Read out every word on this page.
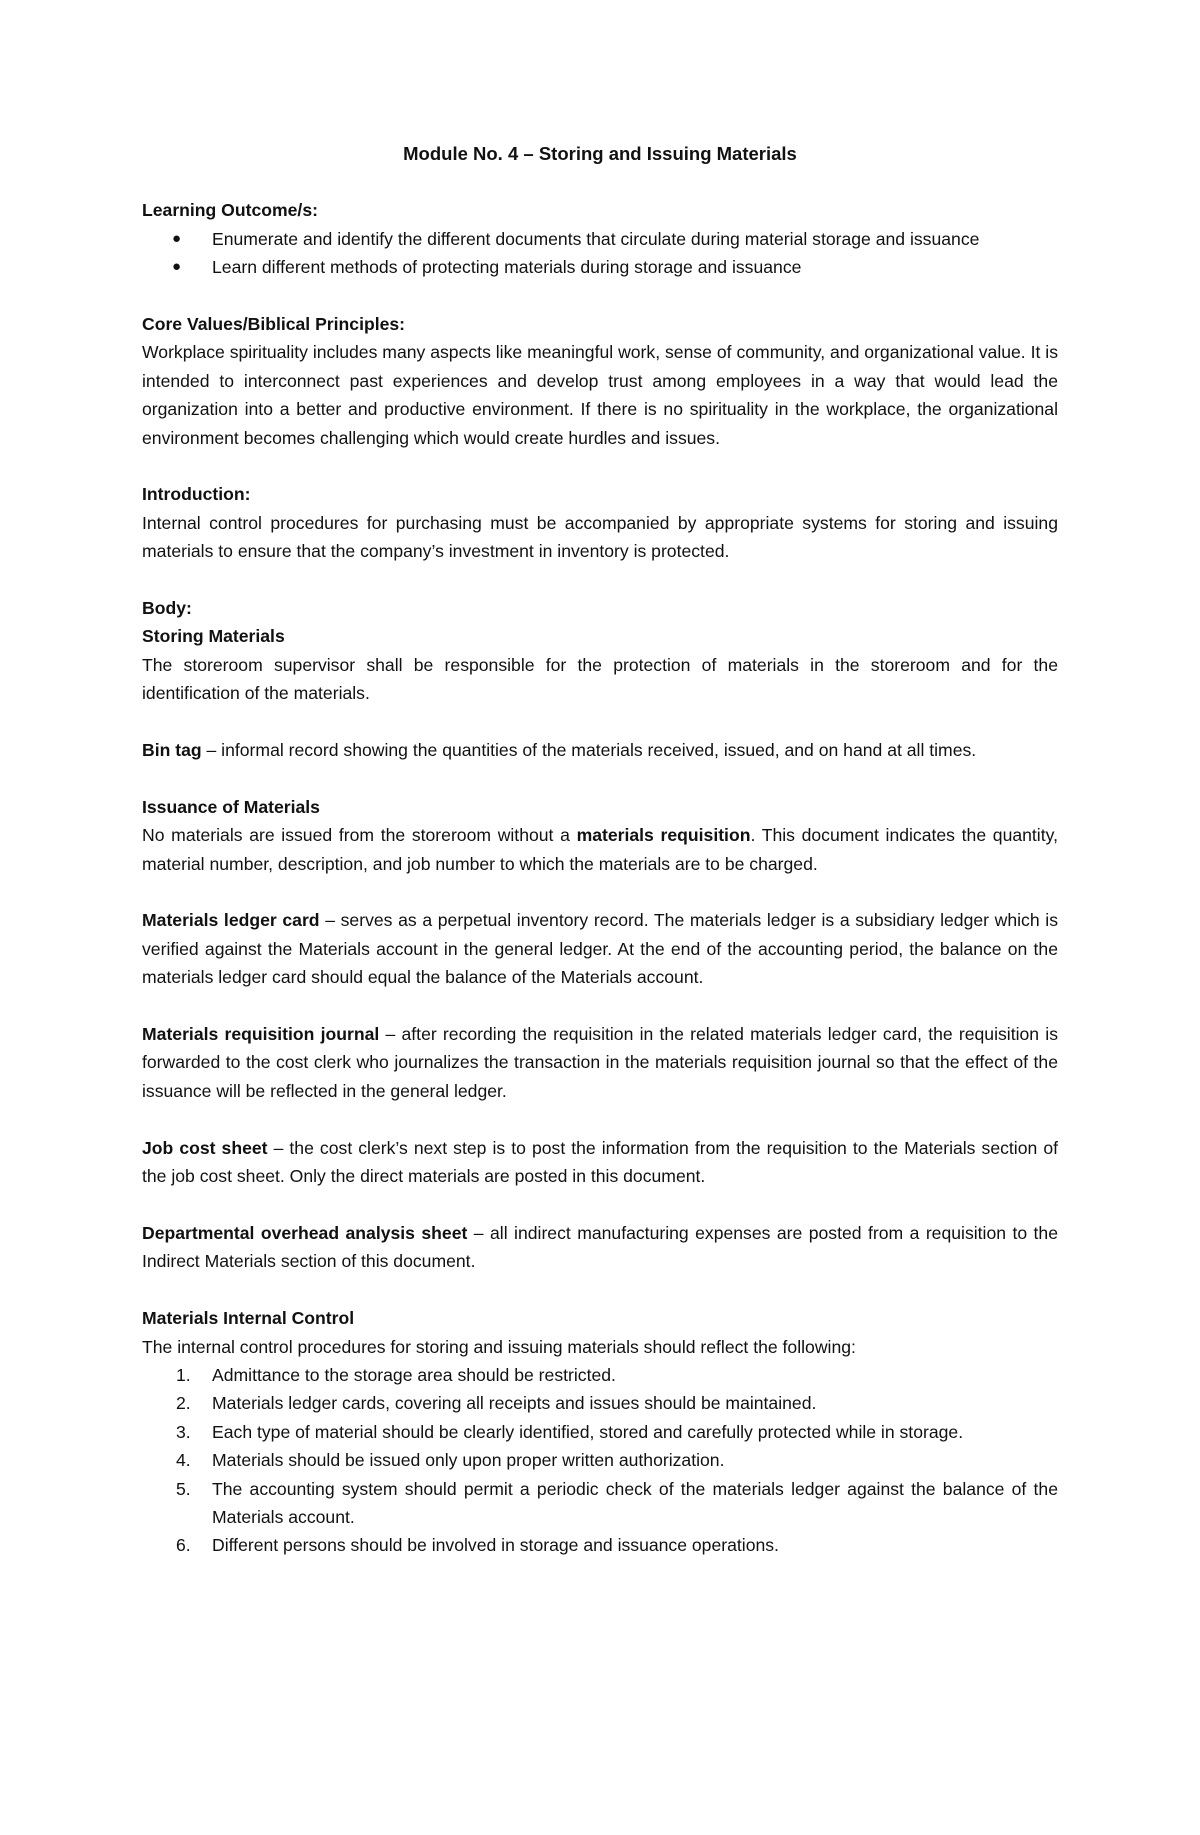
Module No. 4 – Storing and Issuing Materials
Learning Outcome/s:
● Enumerate and identify the different documents that circulate during material storage and issuance
● Learn different methods of protecting materials during storage and issuance
Core Values/Biblical Principles:

Workplace spirituality includes many aspects like meaningful work, sense of community, and organizational value. It is intended to interconnect past experiences and develop trust among employees in a way that would lead the organization into a better and productive environment. If there is no spirituality in the workplace, the organizational environment becomes challenging which would create hurdles and issues.

Introduction:

Internal control procedures for purchasing must be accompanied by appropriate systems for storing and issuing materials to ensure that the company’s investment in inventory is protected.

Body:
Storing Materials

The storeroom supervisor shall be responsible for the protection of materials in the storeroom and for the identification of the materials.

Bin tag – informal record showing the quantities of the materials received, issued, and on hand at all times.

Issuance of Materials

No materials are issued from the storeroom without a materials requisition. This document indicates the quantity, material number, description, and job number to which the materials are to be charged.

Materials ledger card – serves as a perpetual inventory record. The materials ledger is a subsidiary ledger which is verified against the Materials account in the general ledger. At the end of the accounting period, the balance on the materials ledger card should equal the balance of the Materials account.

Materials requisition journal – after recording the requisition in the related materials ledger card, the requisition is forwarded to the cost clerk who journalizes the transaction in the materials requisition journal so that the effect of the issuance will be reflected in the general ledger.

Job cost sheet – the cost clerk’s next step is to post the information from the requisition to the Materials section of the job cost sheet. Only the direct materials are posted in this document.

Departmental overhead analysis sheet – all indirect manufacturing expenses are posted from a requisition to the Indirect Materials section of this document.

Materials Internal Control

The internal control procedures for storing and issuing materials should reflect the following:

1. Admittance to the storage area should be restricted.
2. Materials ledger cards, covering all receipts and issues should be maintained.
3. Each type of material should be clearly identified, stored and carefully protected while in storage.
4. Materials should be issued only upon proper written authorization.
5. The accounting system should permit a periodic check of the materials ledger against the balance of the Materials account.
6. Different persons should be involved in storage and issuance operations.
